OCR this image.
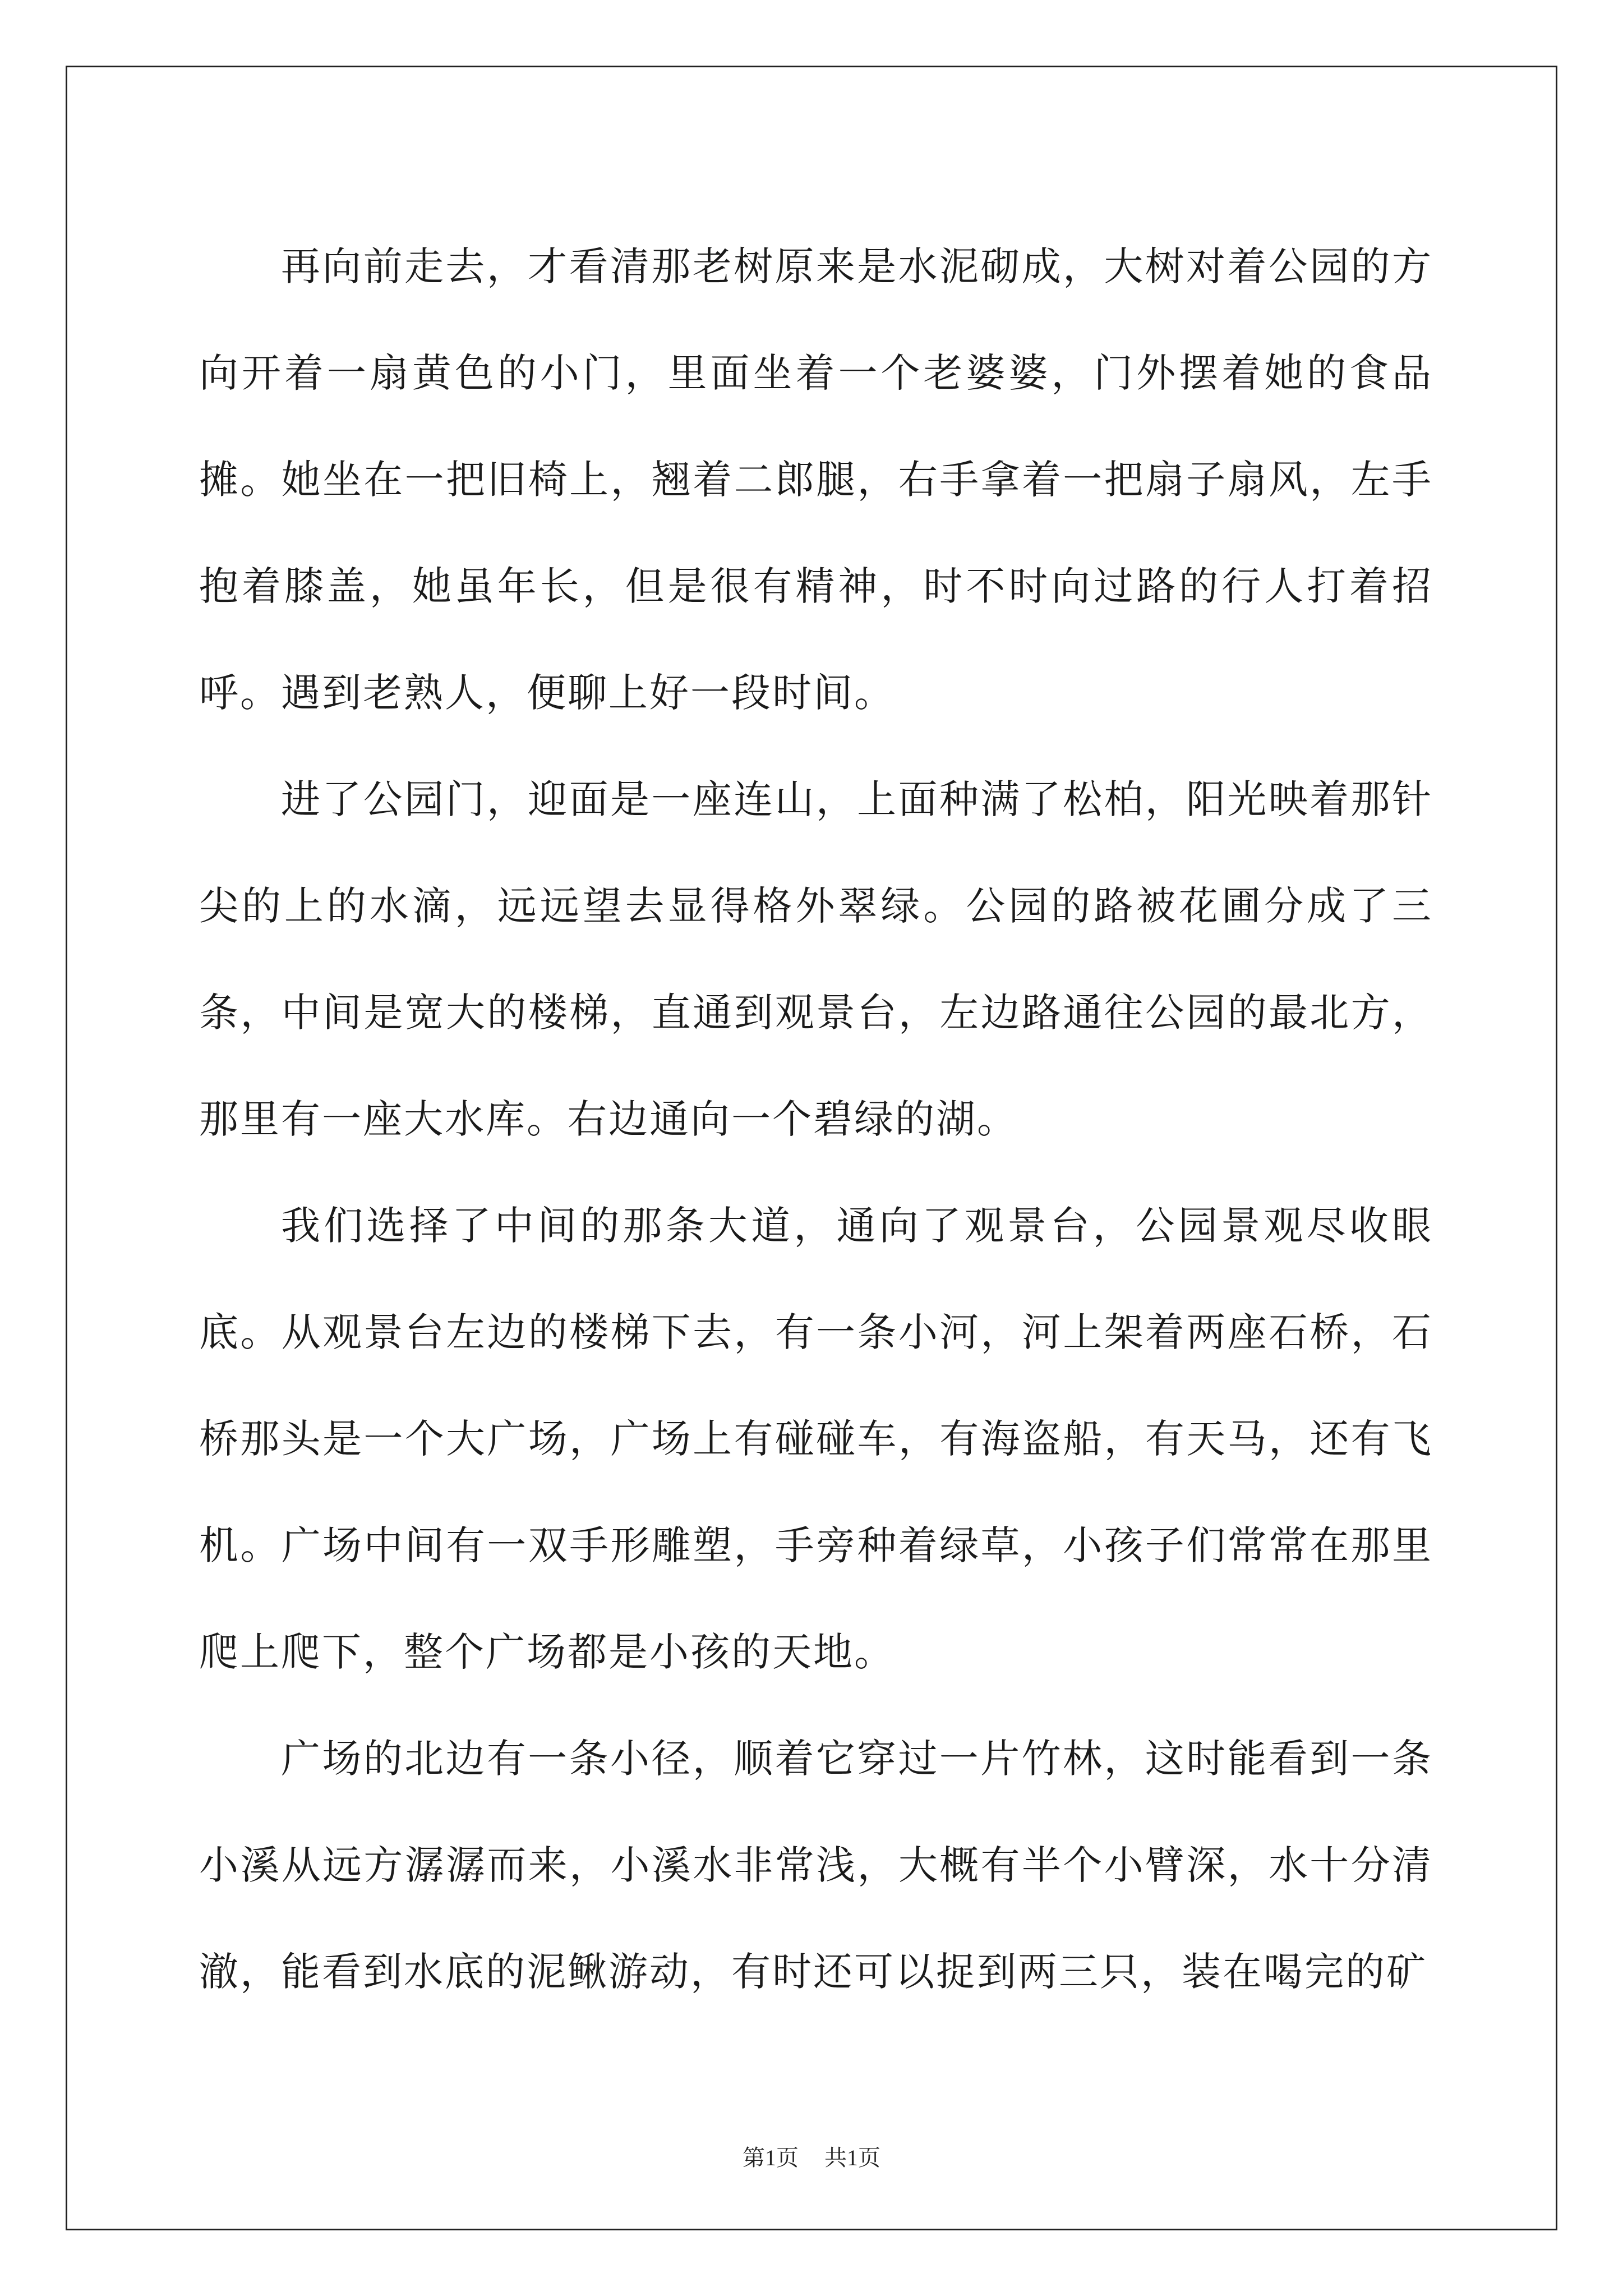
再向前走去，才看清那老树原来是水泥砌成，大树对着公园的方向开着一扇黄色的小门，里面坐着一个老婆婆，门外摆着她的食品摊。她坐在一把旧椅上，翘着二郎腿，右手拿着一把扇子扇风，左手抱着膝盖，她虽年长，但是很有精神，时不时向过路的行人打着招呼。遇到老熟人，便聊上好一段时间。

进了公园门，迎面是一座连山，上面种满了松柏，阳光映着那针尖的上的水滴，远远望去显得格外翠绿。公园的路被花圃分成了三条，中间是宽大的楼梯，直通到观景台，左边路通往公园的最北方，那里有一座大水库。右边通向一个碧绿的湖。

我们选择了中间的那条大道，通向了观景台，公园景观尽收眼底。从观景台左边的楼梯下去，有一条小河，河上架着两座石桥，石桥那头是一个大广场，广场上有碰碰车，有海盗船，有天马，还有飞机。广场中间有一双手形雕塑，手旁种着绿草，小孩子们常常在那里爬上爬下，整个广场都是小孩的天地。

广场的北边有一条小径，顺着它穿过一片竹林，这时能看到一条小溪从远方潺潺而来，小溪水非常浅，大概有半个小臂深，水十分清澈，能看到水底的泥鳅游动，有时还可以捉到两三只，装在喝完的矿

第1页 共1页
